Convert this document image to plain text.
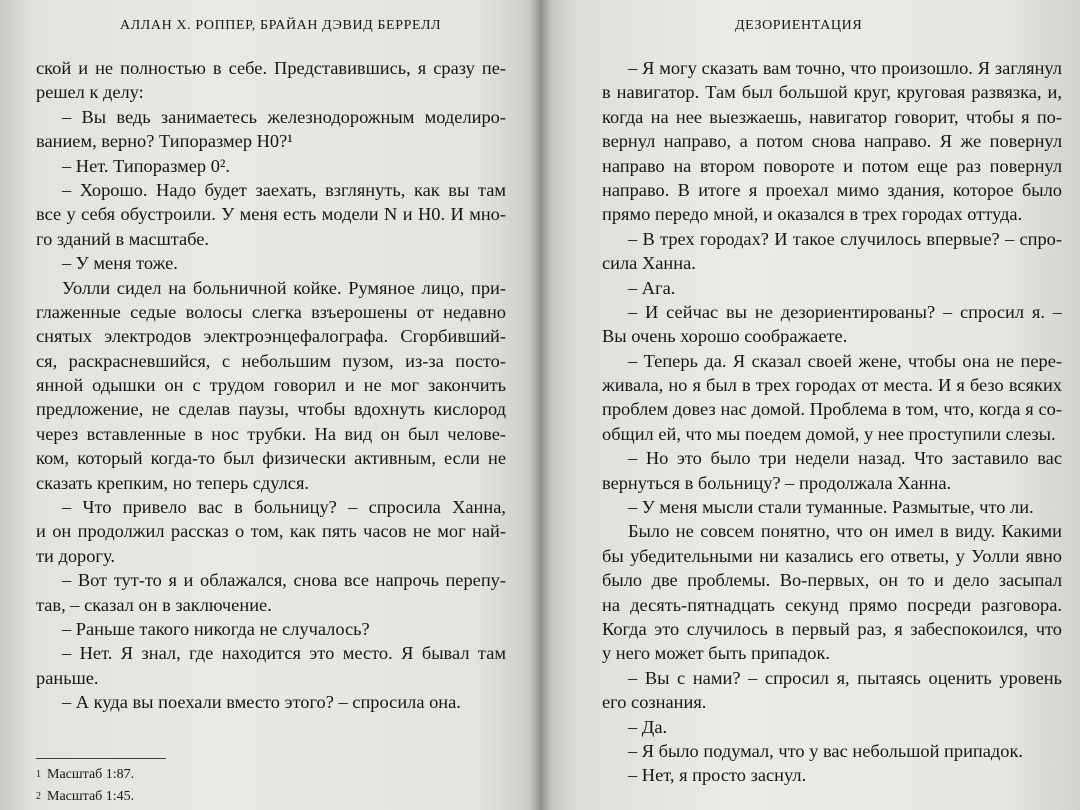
АЛЛАН Х. РОППЕР, БРАЙАН ДЭВИД БЕРРЕЛЛ
ской и не полностью в себе. Представившись, я сразу пе-
решел к делу:
– Вы ведь занимаетесь железнодорожным моделиро-
ванием, верно? Типоразмер H0?¹
– Нет. Типоразмер 0².
– Хорошо. Надо будет заехать, взглянуть, как вы там
все у себя обустроили. У меня есть модели N и H0. И мно-
го зданий в масштабе.
– У меня тоже.
Уолли сидел на больничной койке. Румяное лицо, при-
глаженные седые волосы слегка взъерошены от недавно
снятых электродов электроэнцефалографа. Сгорбивший-
ся, раскрасневшийся, с небольшим пузом, из-за посто-
янной одышки он с трудом говорил и не мог закончить
предложение, не сделав паузы, чтобы вдохнуть кислород
через вставленные в нос трубки. На вид он был челове-
ком, который когда-то был физически активным, если не
сказать крепким, но теперь сдулся.
– Что привело вас в больницу? – спросила Ханна,
и он продолжил рассказ о том, как пять часов не мог най-
ти дорогу.
– Вот тут-то я и облажался, снова все напрочь перепу-
тав, – сказал он в заключение.
– Раньше такого никогда не случалось?
– Нет. Я знал, где находится это место. Я бывал там
раньше.
– А куда вы поехали вместо этого? – спросила она.
$^1$ Масштаб 1:87.
$^2$ Масштаб 1:45.
ДЕЗОРИЕНТАЦИЯ
– Я могу сказать вам точно, что произошло. Я заглянул
в навигатор. Там был большой круг, круговая развязка, и,
когда на нее выезжаешь, навигатор говорит, чтобы я по-
вернул направо, а потом снова направо. Я же повернул
направо на втором повороте и потом еще раз повернул
направо. В итоге я проехал мимо здания, которое было
прямо передо мной, и оказался в трех городах оттуда.
– В трех городах? И такое случилось впервые? – спро-
сила Ханна.
– Ага.
– И сейчас вы не дезориентированы? – спросил я. –
Вы очень хорошо соображаете.
– Теперь да. Я сказал своей жене, чтобы она не пере-
живала, но я был в трех городах от места. И я безо всяких
проблем довез нас домой. Проблема в том, что, когда я со-
общил ей, что мы поедем домой, у нее проступили слезы.
– Но это было три недели назад. Что заставило вас
вернуться в больницу? – продолжала Ханна.
– У меня мысли стали туманные. Размытые, что ли.
Было не совсем понятно, что он имел в виду. Какими
бы убедительными ни казались его ответы, у Уолли явно
было две проблемы. Во-первых, он то и дело засыпал
на десять-пятнадцать секунд прямо посреди разговора.
Когда это случилось в первый раз, я забеспокоился, что
у него может быть припадок.
– Вы с нами? – спросил я, пытаясь оценить уровень
его сознания.
– Да.
– Я было подумал, что у вас небольшой припадок.
– Нет, я просто заснул.
